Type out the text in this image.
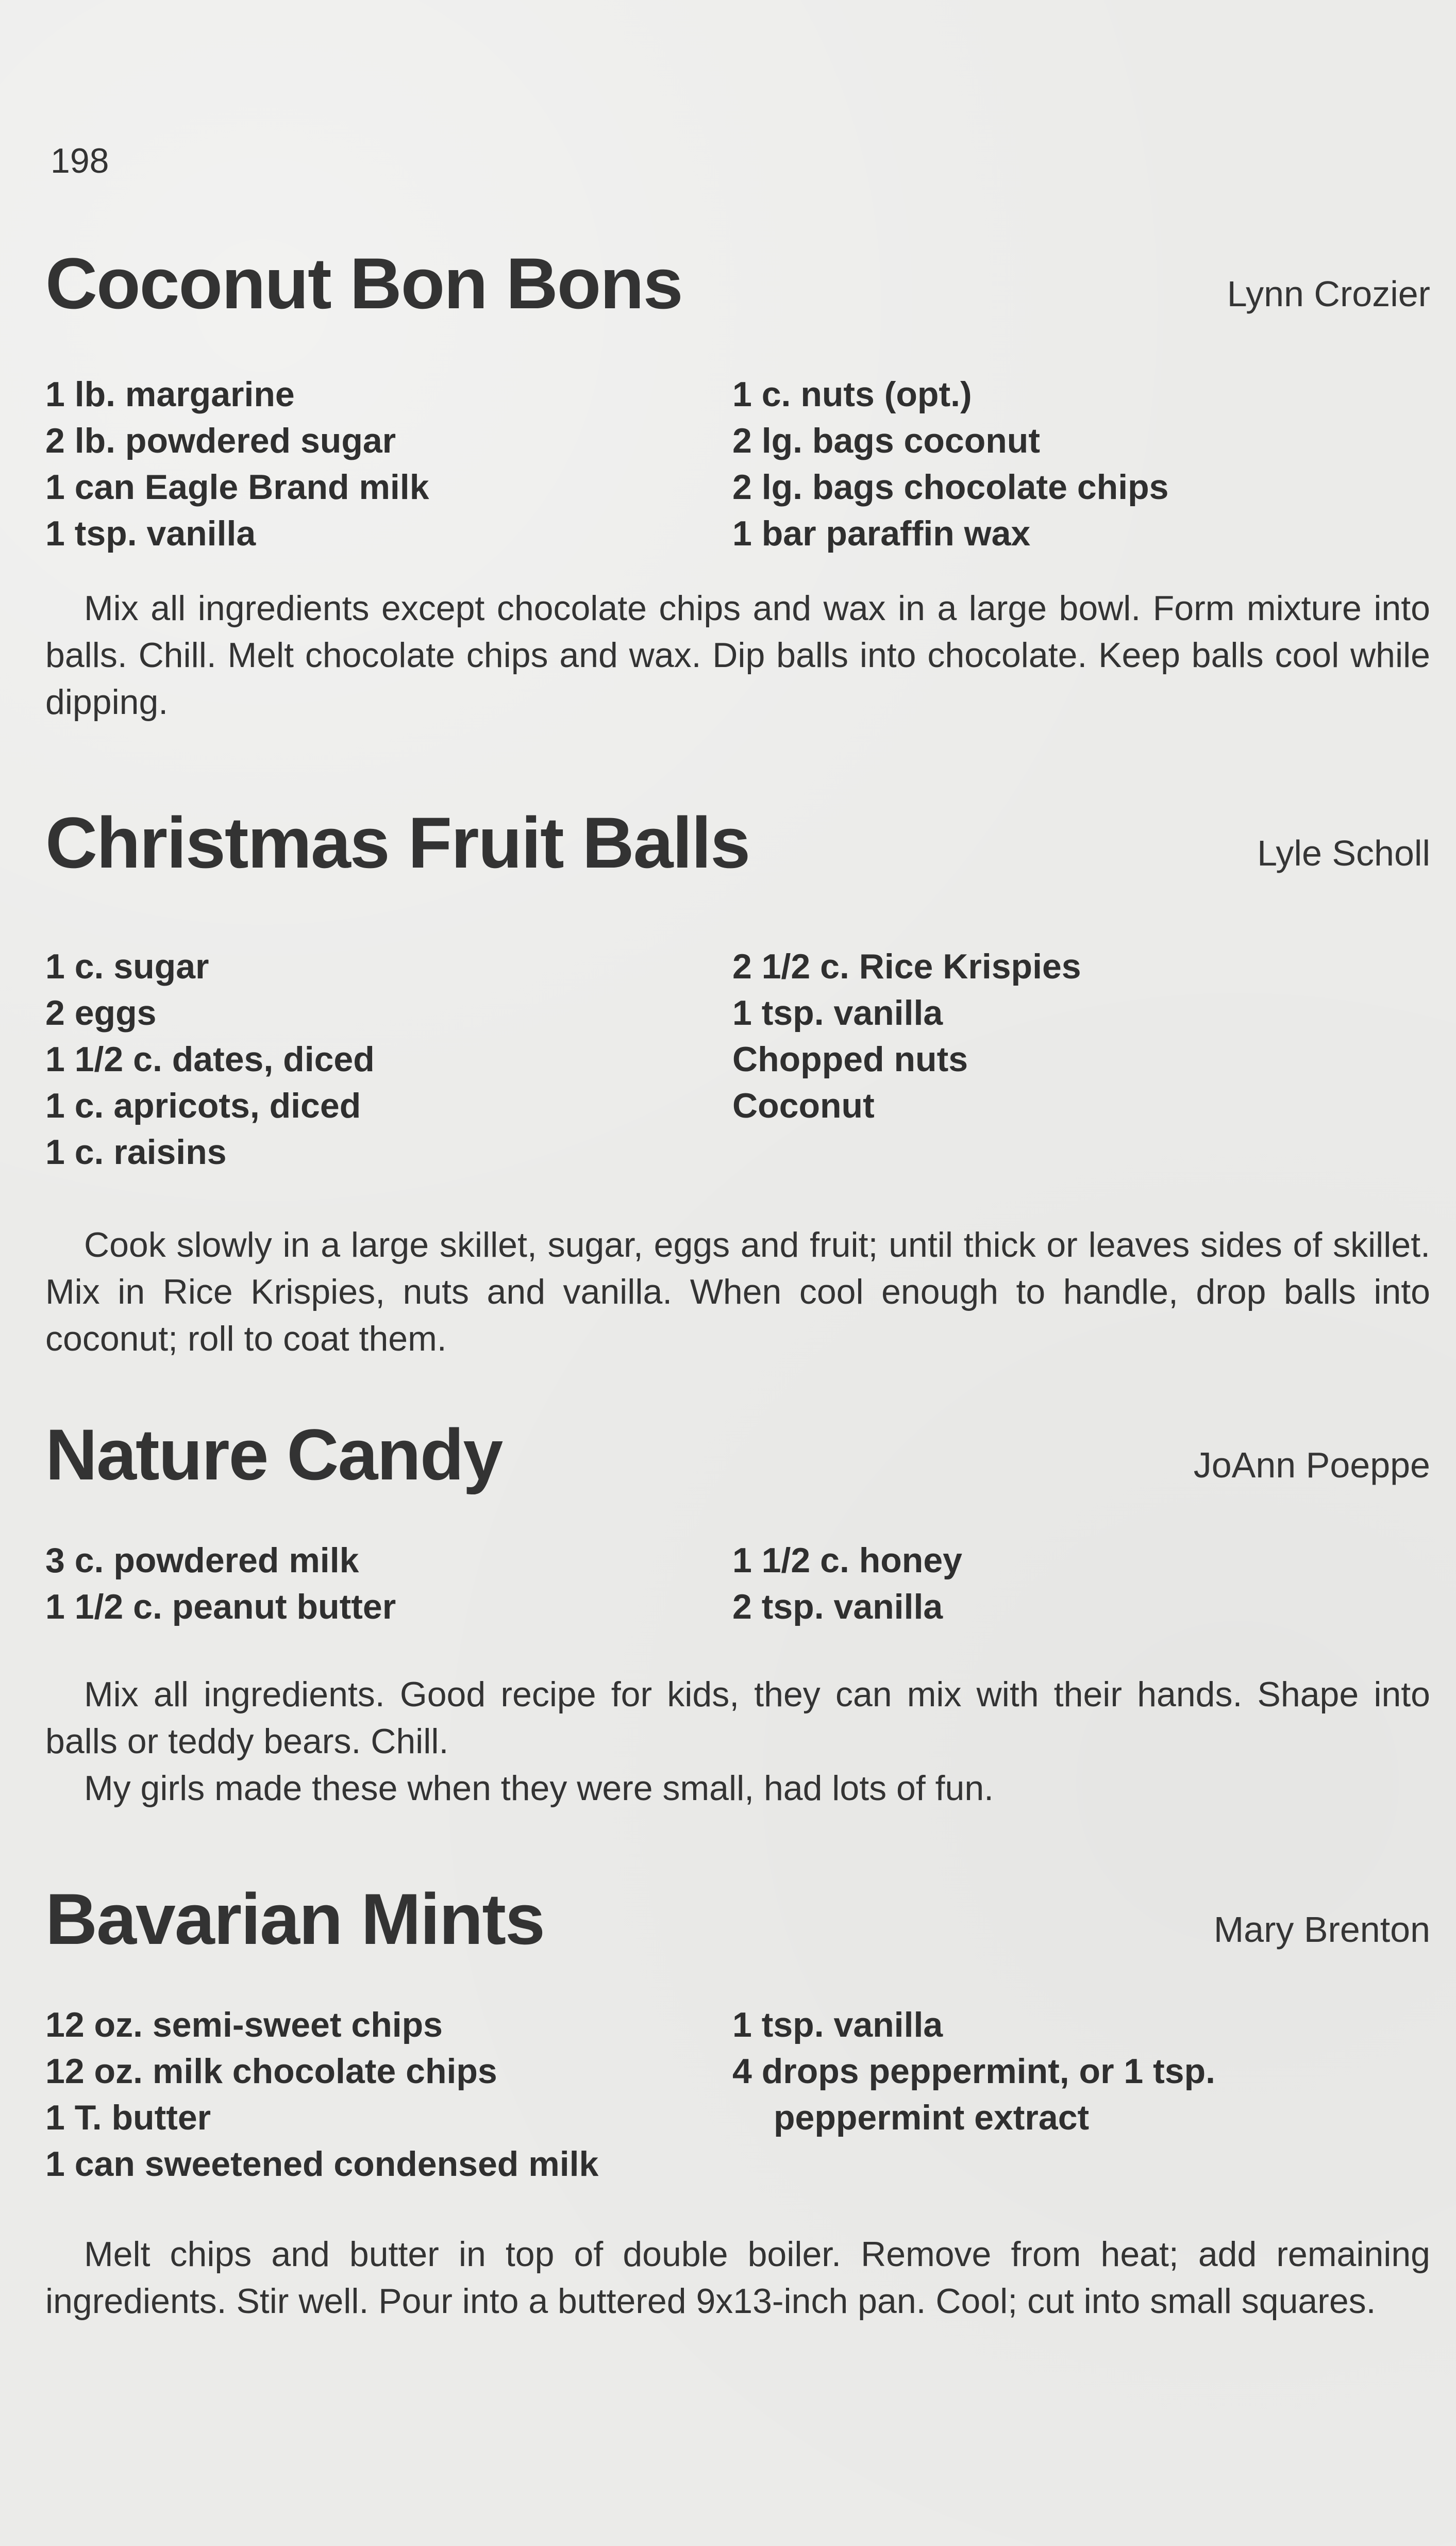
198
Coconut Bon Bons	Lynn Crozier
1 lb. margarine
2 lb. powdered sugar
1 can Eagle Brand milk
1 tsp. vanilla
1 c. nuts (opt.)
2 lg. bags coconut
2 lg. bags chocolate chips
1 bar paraffin wax

Mix all ingredients except chocolate chips and wax in a large bowl. Form mixture into balls. Chill. Melt chocolate chips and wax. Dip balls into chocolate. Keep balls cool while dipping.

Christmas Fruit Balls	Lyle Scholl
1 c. sugar
2 eggs
1 1/2 c. dates, diced
1 c. apricots, diced
1 c. raisins
2 1/2 c. Rice Krispies
1 tsp. vanilla
Chopped nuts
Coconut

Cook slowly in a large skillet, sugar, eggs and fruit; until thick or leaves sides of skillet. Mix in Rice Krispies, nuts and vanilla. When cool enough to handle, drop balls into coconut; roll to coat them.

Nature Candy	JoAnn Poeppe
3 c. powdered milk
1 1/2 c. peanut butter
1 1/2 c. honey
2 tsp. vanilla

Mix all ingredients. Good recipe for kids, they can mix with their hands. Shape into balls or teddy bears. Chill.

My girls made these when they were small, had lots of fun.

Bavarian Mints	Mary Brenton
12 oz. semi-sweet chips
12 oz. milk chocolate chips
1 T. butter
1 can sweetened condensed milk
1 tsp. vanilla
4 drops peppermint, or 1 tsp.
peppermint extract

Melt chips and butter in top of double boiler. Remove from heat; add remaining ingredients. Stir well. Pour into a buttered 9x13-inch pan. Cool; cut into small squares.
